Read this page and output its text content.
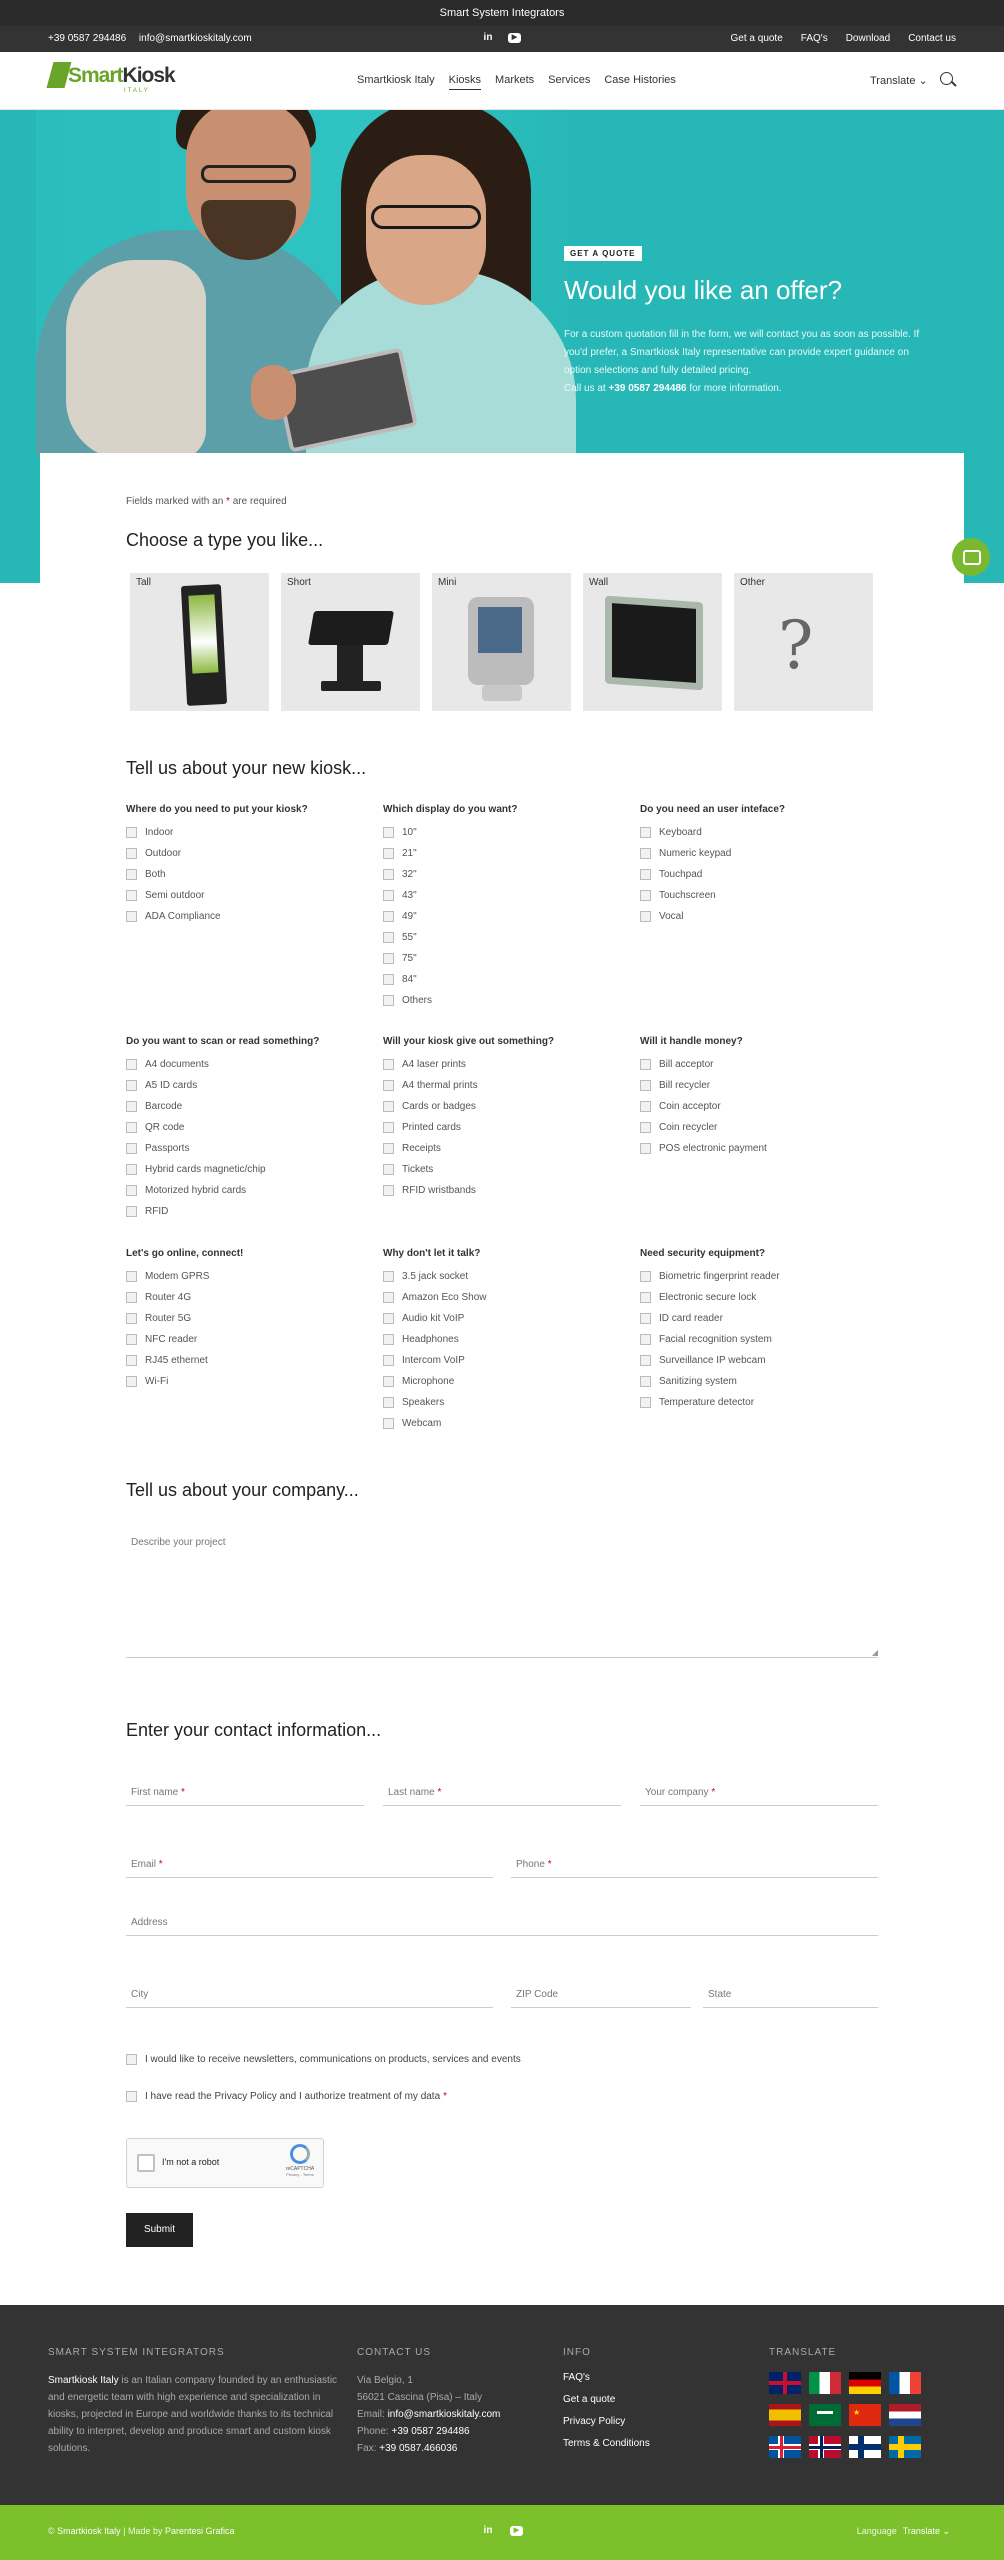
Smart System Integrators
+39 0587 294486 info@smartkioskitaly.com	in	▶	Get a quote FAQ's Download Contact us
SmartKiosk
ITALY
Smartkiosk Italy Kiosks Markets Services Case Histories	Translate ⌄
GET A QUOTE
Would you like an offer?

For a custom quotation fill in the form, we will contact you as soon as possible. If you'd prefer, a Smartkiosk Italy representative can provide expert guidance on option selections and fully detailed pricing.
Call us at +39 0587 294486 for more information.

Fields marked with an * are required
Choose a type you like...
Tall	Short	Mini	Wall	Other
?
Tell us about your new kiosk...
Where do you need to put your kiosk?
Indoor
Outdoor
Both
Semi outdoor
ADA Compliance
Which display do you want?
10"
21"
32"
43"
49"
55"
75"
84"
Others
Do you need an user inteface?
Keyboard
Numeric keypad
Touchpad
Touchscreen
Vocal
Do you want to scan or read something?
A4 documents
A5 ID cards
Barcode
QR code
Passports
Hybrid cards magnetic/chip
Motorized hybrid cards
RFID
Will your kiosk give out something?
A4 laser prints
A4 thermal prints
Cards or badges
Printed cards
Receipts
Tickets
RFID wristbands
Will it handle money?
Bill acceptor
Bill recycler
Coin acceptor
Coin recycler
POS electronic payment
Let's go online, connect!
Modem GPRS
Router 4G
Router 5G
NFC reader
RJ45 ethernet
Wi-Fi
Why don't let it talk?
3.5 jack socket
Amazon Eco Show
Audio kit VoIP
Headphones
Intercom VoIP
Microphone
Speakers
Webcam
Need security equipment?
Biometric fingerprint reader
Electronic secure lock
ID card reader
Facial recognition system
Surveillance IP webcam
Sanitizing system
Temperature detector
Tell us about your company...
Describe your project ◢
Enter your contact information...
First name *	Last name *	Your company *
Email *	Phone *
Address
City	ZIP Code	State
I would like to receive newsletters, communications on products, services and events
I have read the Privacy Policy and I authorize treatment of my data *
I'm not a robot
reCAPTCHA
Privacy - Terms
Submit
SMART SYSTEM INTEGRATORS

Smartkiosk Italy is an Italian company founded by an enthusiastic and energetic team with high experience and specialization in kiosks, projected in Europe and worldwide thanks to its technical ability to interpret, develop and produce smart and custom kiosk solutions.

CONTACT US

Via Belgio, 1

56021 Cascina (Pisa) – Italy

Email: info@smartkioskitaly.com

Phone: +39 0587 294486

Fax: +39 0587.466036

INFO
FAQ's
Get a quote
Privacy Policy
Terms & Conditions
TRANSLATE
★
© Smartkiosk Italy | Made by Parentesi Grafica	in	▶	Language Translate ⌄
